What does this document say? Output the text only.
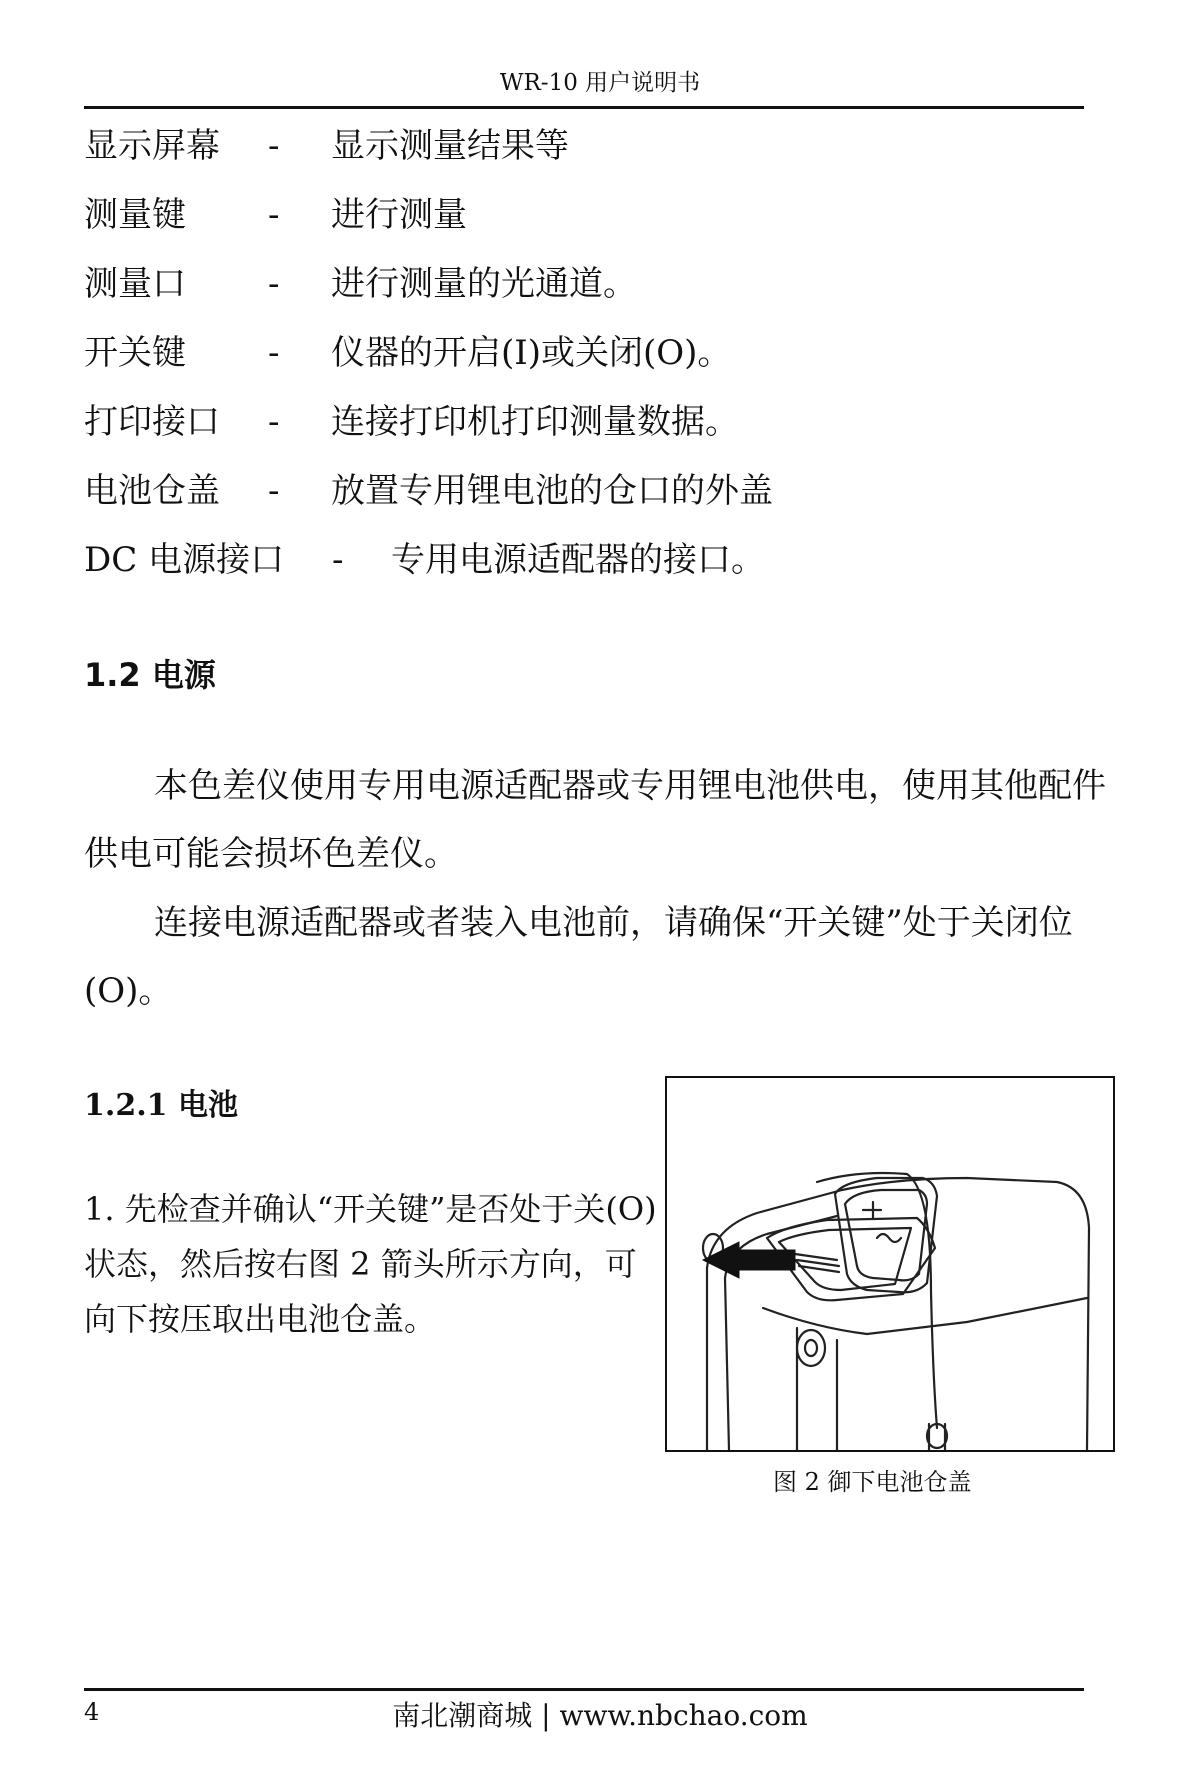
WR-10 用户说明书
显示屏幕 - 显示测量结果等
测量键 - 进行测量
测量口 - 进行测量的光通道。
开关键 - 仪器的开启(I)或关闭(O)。
打印接口 - 连接打印机打印测量数据。
电池仓盖 - 放置专用锂电池的仓口的外盖
DC 电源接口 - 专用电源适配器的接口。
1.2 电源

本色差仪使用专用电源适配器或专用锂电池供电，使用其他配件供电可能会损坏色差仪。

连接电源适配器或者装入电池前，请确保“开关键”处于关闭位(O)。

1.2.1 电池

1. 先检查并确认“开关键”是否处于关(O)状态，然后按右图 2 箭头所示方向，可向下按压取出电池仓盖。

图 2 御下电池仓盖
4	南北潮商城 | www.nbchao.com
